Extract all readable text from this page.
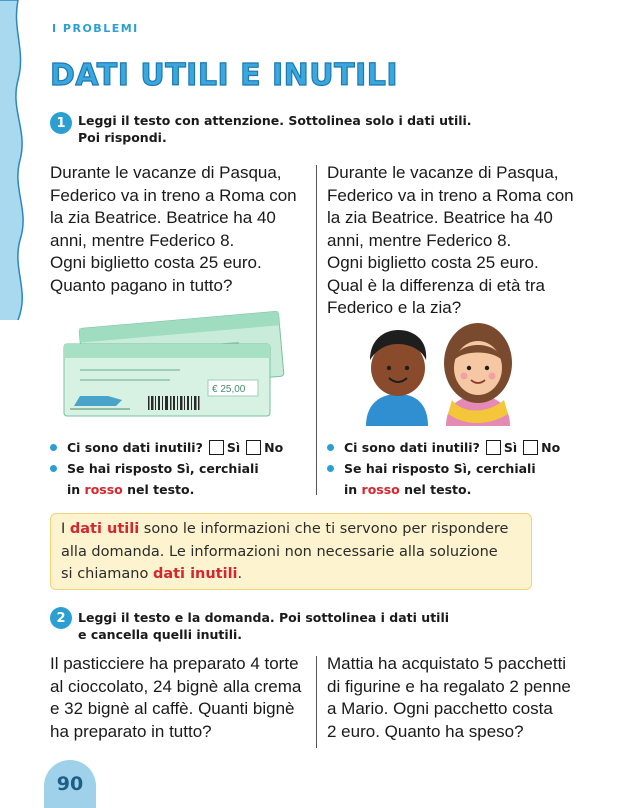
I PROBLEMI
DATI UTILI E INUTILI
1 Leggi il testo con attenzione. Sottolinea solo i dati utili.
Poi rispondi.
Durante le vacanze di Pasqua,
Federico va in treno a Roma con
la zia Beatrice. Beatrice ha 40
anni, mentre Federico 8.
Ogni biglietto costa 25 euro.
Quanto pagano in tutto?
Durante le vacanze di Pasqua,
Federico va in treno a Roma con
la zia Beatrice. Beatrice ha 40
anni, mentre Federico 8.
Ogni biglietto costa 25 euro.
Qual è la differenza di età tra
Federico e la zia?
€ 25,00
Ci sono dati inutili? Sì No
Se hai risposto Sì, cerchiali
in
rosso
nel testo.
Ci sono dati inutili? Sì No
Se hai risposto Sì, cerchiali
in
rosso
nel testo.
I dati utili sono le informazioni che ti servono per rispondere
alla domanda. Le informazioni non necessarie alla soluzione
si chiamano dati inutili.
2 Leggi il testo e la domanda. Poi sottolinea i dati utili
e cancella quelli inutili.
Il pasticciere ha preparato 4 torte
al cioccolato, 24 bignè alla crema
e 32 bignè al caffè. Quanti bignè
ha preparato in tutto?
Mattia ha acquistato 5 pacchetti
di figurine e ha regalato 2 penne
a Mario. Ogni pacchetto costa
2 euro. Quanto ha speso?
90
